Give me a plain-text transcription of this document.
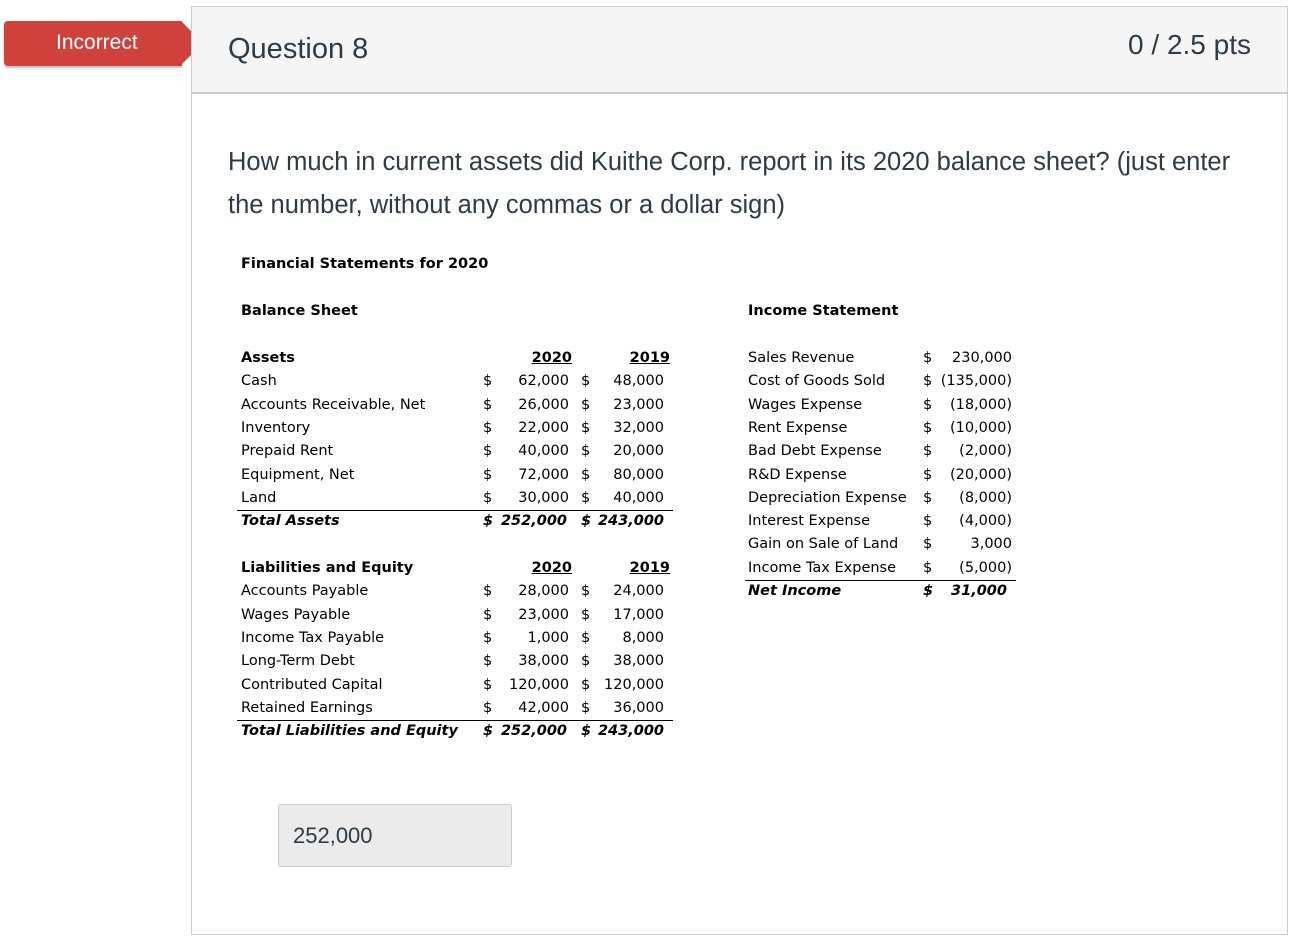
Incorrect	Question 8	0 / 2.5 pts
How much in current assets did Kuithe Corp. report in its 2020 balance sheet? (just enter the number, without any commas or a dollar sign)
Financial Statements for 2020
Balance Sheet	Income Statement
Assets	2020	2019
Cash	$	62,000 $	48,000
Accounts Receivable, Net	$	26,000 $	23,000
Inventory	$	22,000 $	32,000
Prepaid Rent	$	40,000 $	20,000
Equipment, Net	$	72,000 $	80,000
Land	$	30,000 $	40,000
Total Assets	$ 252,000 $ 243,000
Liabilities and Equity	2020	2019
Accounts Payable	$	28,000 $	24,000
Wages Payable	$	23,000 $	17,000
Income Tax Payable	$	1,000 $	8,000
Long-Term Debt	$	38,000 $	38,000
Contributed Capital	$	120,000 $ 120,000
Retained Earnings	$	42,000 $	36,000
Total Liabilities and Equity $ 252,000 $ 243,000
Sales Revenue	$	230,000
Cost of Goods Sold	$ (135,000)
Wages Expense	$	(18,000)
Rent Expense	$	(10,000)
Bad Debt Expense	$	(2,000)
R&D Expense	$	(20,000)
Depreciation Expense $	(8,000)
Interest Expense	$	(4,000)
Gain on Sale of Land $	3,000
Income Tax Expense $	(5,000)
Net Income	$	31,000
252,000
